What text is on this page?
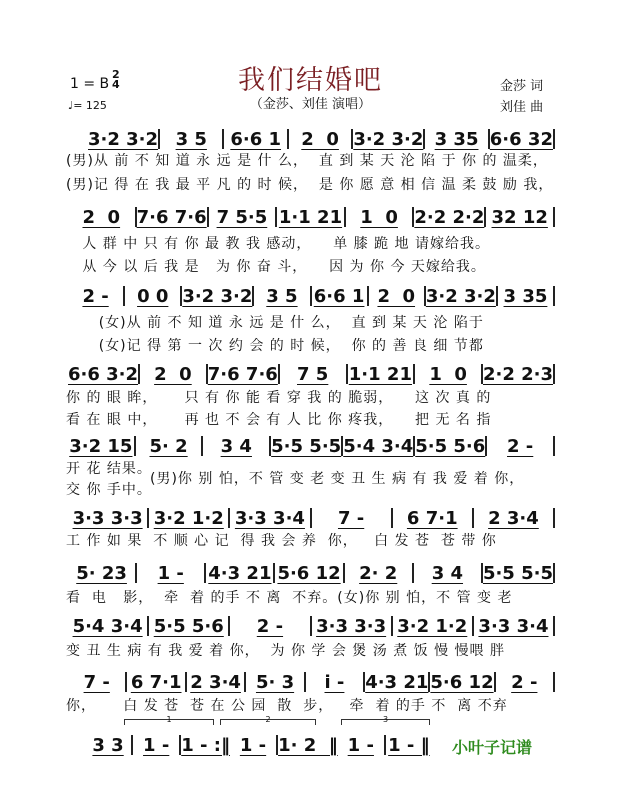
我们结婚吧
（金莎、刘佳 演唱）
1 = B
2
4
♩= 125
金莎 词
刘佳 曲
3·2 3·2 3 5	6·6 1	2  0 3·2 3·2 3 35 6·6 32
(男)从 前 不 知 道 永 远 是 什 么，  直 到 某 天 沦 陷 于 你 的 温柔，
(男)记 得 在 我 最 平 凡 的 时 候，  是 你 愿 意 相 信 温 柔 鼓 励 我，
2  0 7·6 7·6 7 5·5 1·1 21	1  0 2·2 2·2 32 12
人 群 中 只 有 你 最 教 我 感动，    单 膝 跪 地 请嫁给我。
从 今 以 后 我 是   为 你 奋 斗，    因 为 你 今 天嫁给我。
2 -	0 0 3·2 3·2 3 5 6·6 1 2  0 3·2 3·2 3 35
(女)从 前 不 知 道 永 远 是 什 么，  直 到 某 天 沦 陷于
(女)记 得 第 一 次 约 会 的 时 候，  你 的 善 良 细 节都
6·6 3·2 2  0 7·6 7·6	7 5	1·1 21 1  0 2·2 2·3
你 的 眼 眸，     只 有 你 能 看 穿 我 的 脆弱，    这 次 真 的
看 在 眼 中，     再 也 不 会 有 人 比 你 疼我，    把 无 名 指
3·2 15 5· 2	3 4	5·5 5·5 5·4 3·4 5·5 5·6	2 -
开 花 结果。
交 你 手中。
(男)你 别 怕，不 管 变 老 变 丑 生 病 有 我 爱 着 你，
3·3 3·3 3·2 1·2 3·3 3·4	7 -	6 7·1	2 3·4
工 作 如 果  不 顺 心 记  得 我 会 养  你，   白 发 苍  苍 带 你
5· 23	1 -	4·3 21 5·6 12	2· 2	3 4	5·5 5·5
看  电   影，  牵  着 的手 不 离  不弃。(女)你 别 怕，不 管 变 老
5·4 3·4 5·5 5·6	2 -	3·3 3·3 3·2 1·2 3·3 3·4
变 丑 生 病 有 我 爱 着 你，  为 你 学 会 煲 汤 煮 饭 慢 慢喂 胖
7 -	6 7·1 2 3·4 5· 3	i -	4·3 21 5·6 12 2 -
你，     白 发 苍  苍 在 公 园  散  步，   牵  着 的手 不  离 不弃
3 3	1 - 1 - :‖ 1 - 1· 2  ‖ 1 - 1 - ‖
1	2	3
小叶子记谱
